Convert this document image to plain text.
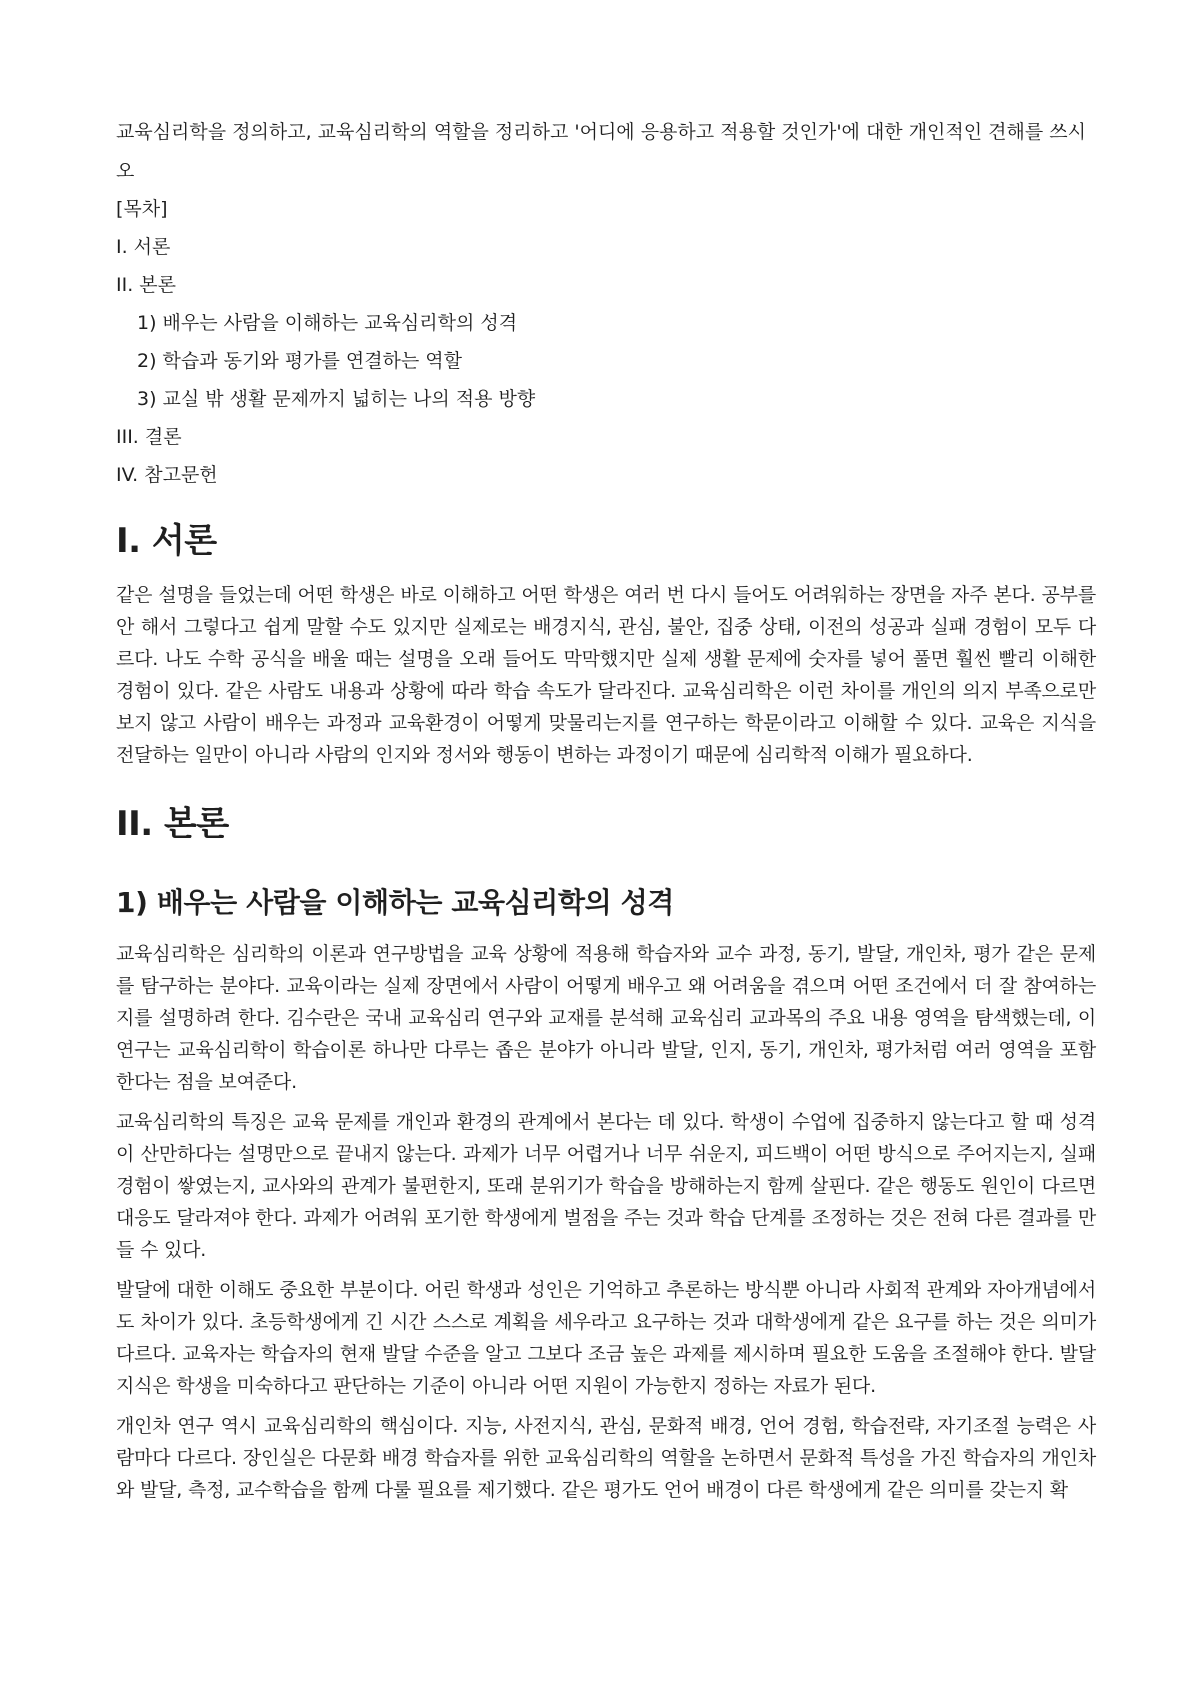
교육심리학을 정의하고, 교육심리학의 역할을 정리하고 '어디에 응용하고 적용할 것인가'에 대한 개인적인 견해를 쓰시오

[목차]
I. 서론
II. 본론
1) 배우는 사람을 이해하는 교육심리학의 성격
2) 학습과 동기와 평가를 연결하는 역할
3) 교실 밖 생활 문제까지 넓히는 나의 적용 방향
III. 결론
IV. 참고문헌
I. 서론

같은 설명을 들었는데 어떤 학생은 바로 이해하고 어떤 학생은 여러 번 다시 들어도 어려워하는 장면을 자주 본다. 공부를 안 해서 그렇다고 쉽게 말할 수도 있지만 실제로는 배경지식, 관심, 불안, 집중 상태, 이전의 성공과 실패 경험이 모두 다르다. 나도 수학 공식을 배울 때는 설명을 오래 들어도 막막했지만 실제 생활 문제에 숫자를 넣어 풀면 훨씬 빨리 이해한 경험이 있다. 같은 사람도 내용과 상황에 따라 학습 속도가 달라진다. 교육심리학은 이런 차이를 개인의 의지 부족으로만 보지 않고 사람이 배우는 과정과 교육환경이 어떻게 맞물리는지를 연구하는 학문이라고 이해할 수 있다. 교육은 지식을 전달하는 일만이 아니라 사람의 인지와 정서와 행동이 변하는 과정이기 때문에 심리학적 이해가 필요하다.

II. 본론
1) 배우는 사람을 이해하는 교육심리학의 성격

교육심리학은 심리학의 이론과 연구방법을 교육 상황에 적용해 학습자와 교수 과정, 동기, 발달, 개인차, 평가 같은 문제를 탐구하는 분야다. 교육이라는 실제 장면에서 사람이 어떻게 배우고 왜 어려움을 겪으며 어떤 조건에서 더 잘 참여하는지를 설명하려 한다. 김수란은 국내 교육심리 연구와 교재를 분석해 교육심리 교과목의 주요 내용 영역을 탐색했는데, 이 연구는 교육심리학이 학습이론 하나만 다루는 좁은 분야가 아니라 발달, 인지, 동기, 개인차, 평가처럼 여러 영역을 포함한다는 점을 보여준다.

교육심리학의 특징은 교육 문제를 개인과 환경의 관계에서 본다는 데 있다. 학생이 수업에 집중하지 않는다고 할 때 성격이 산만하다는 설명만으로 끝내지 않는다. 과제가 너무 어렵거나 너무 쉬운지, 피드백이 어떤 방식으로 주어지는지, 실패 경험이 쌓였는지, 교사와의 관계가 불편한지, 또래 분위기가 학습을 방해하는지 함께 살핀다. 같은 행동도 원인이 다르면 대응도 달라져야 한다. 과제가 어려워 포기한 학생에게 벌점을 주는 것과 학습 단계를 조정하는 것은 전혀 다른 결과를 만들 수 있다.

발달에 대한 이해도 중요한 부분이다. 어린 학생과 성인은 기억하고 추론하는 방식뿐 아니라 사회적 관계와 자아개념에서도 차이가 있다. 초등학생에게 긴 시간 스스로 계획을 세우라고 요구하는 것과 대학생에게 같은 요구를 하는 것은 의미가 다르다. 교육자는 학습자의 현재 발달 수준을 알고 그보다 조금 높은 과제를 제시하며 필요한 도움을 조절해야 한다. 발달 지식은 학생을 미숙하다고 판단하는 기준이 아니라 어떤 지원이 가능한지 정하는 자료가 된다.

개인차 연구 역시 교육심리학의 핵심이다. 지능, 사전지식, 관심, 문화적 배경, 언어 경험, 학습전략, 자기조절 능력은 사람마다 다르다. 장인실은 다문화 배경 학습자를 위한 교육심리학의 역할을 논하면서 문화적 특성을 가진 학습자의 개인차와 발달, 측정, 교수학습을 함께 다룰 필요를 제기했다. 같은 평가도 언어 배경이 다른 학생에게 같은 의미를 갖는지 확
